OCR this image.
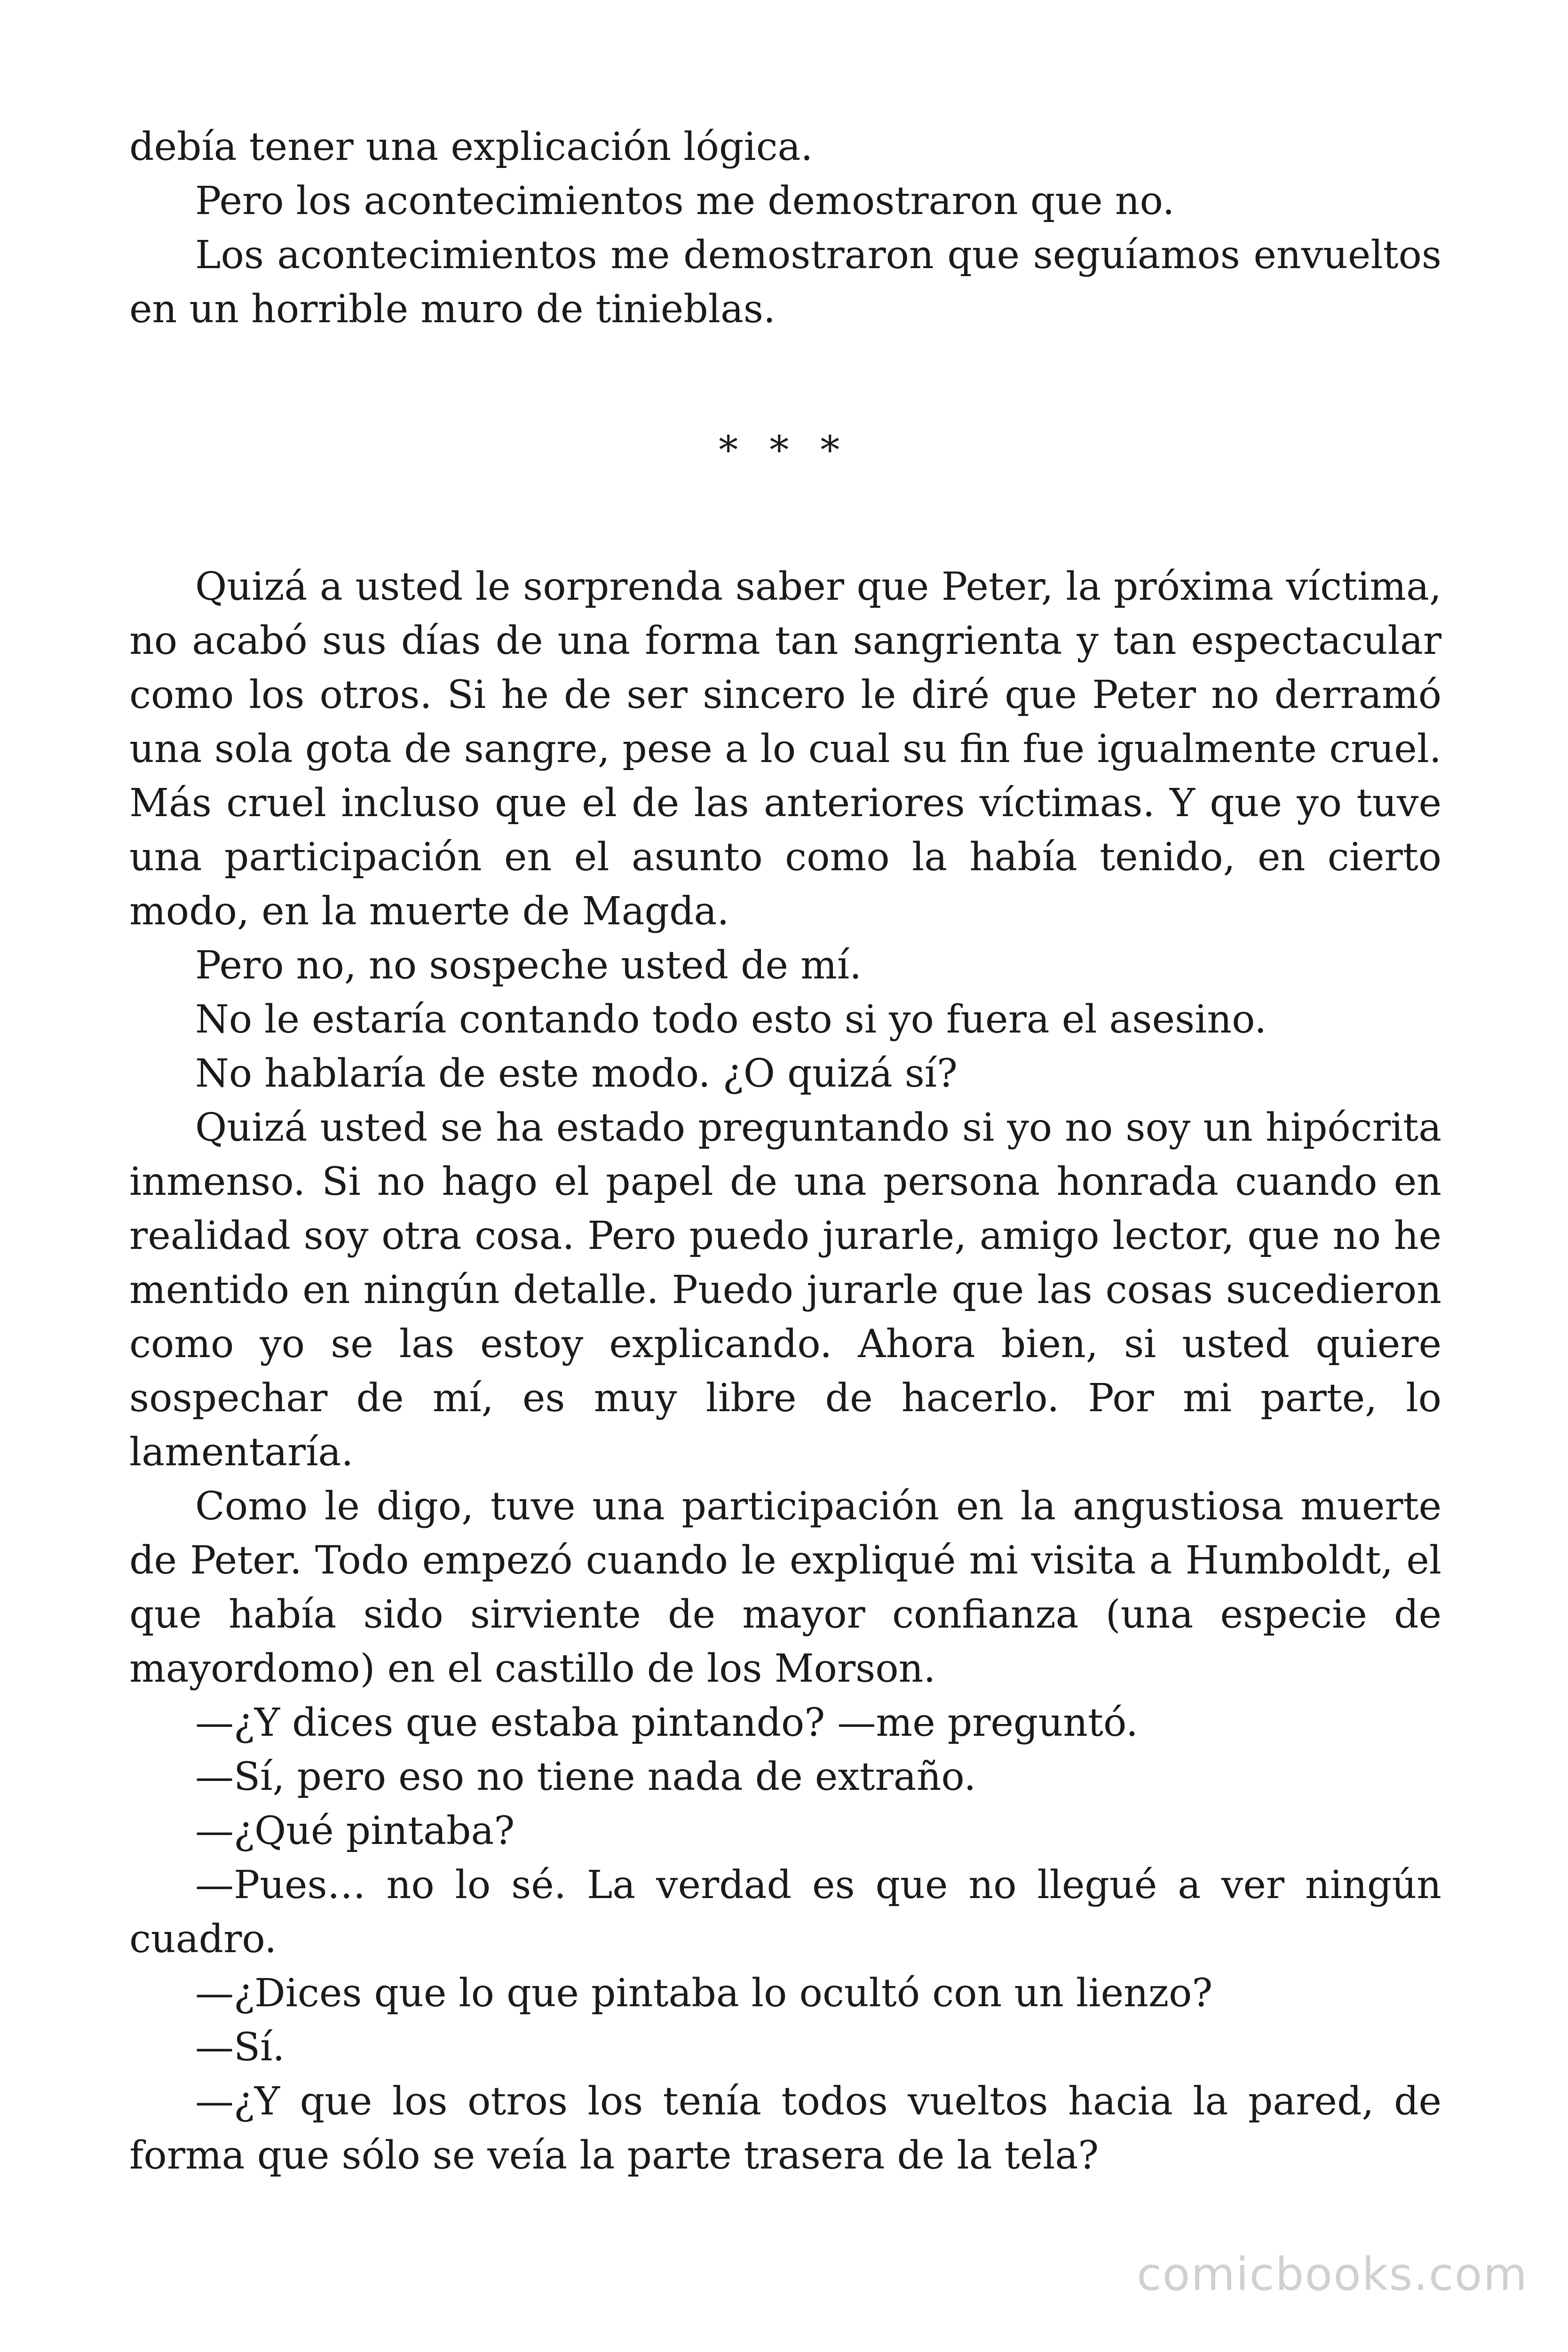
debía tener una explicación lógica.

Pero los acontecimientos me demostraron que no.

Los acontecimientos me demostraron que seguíamos envueltos en un horrible muro de tinieblas.

* * *

Quizá a usted le sorprenda saber que Peter, la próxima víctima, no acabó sus días de una forma tan sangrienta y tan espectacular como los otros. Si he de ser sincero le diré que Peter no derramó una sola gota de sangre, pese a lo cual su fin fue igualmente cruel. Más cruel incluso que el de las anteriores víctimas. Y que yo tuve una participación en el asunto como la había tenido, en cierto modo, en la muerte de Magda.

Pero no, no sospeche usted de mí.

No le estaría contando todo esto si yo fuera el asesino.

No hablaría de este modo. ¿O quizá sí?

Quizá usted se ha estado preguntando si yo no soy un hipócrita inmenso. Si no hago el papel de una persona honrada cuando en realidad soy otra cosa. Pero puedo jurarle, amigo lector, que no he mentido en ningún detalle. Puedo jurarle que las cosas sucedieron como yo se las estoy explicando. Ahora bien, si usted quiere sospechar de mí, es muy libre de hacerlo. Por mi parte, lo lamentaría.

Como le digo, tuve una participación en la angustiosa muerte de Peter. Todo empezó cuando le expliqué mi visita a Humboldt, el que había sido sirviente de mayor confianza (una especie de mayordomo) en el castillo de los Morson.

—¿Y dices que estaba pintando? —me preguntó.

—Sí, pero eso no tiene nada de extraño.

—¿Qué pintaba?

—Pues… no lo sé. La verdad es que no llegué a ver ningún cuadro.

—¿Dices que lo que pintaba lo ocultó con un lienzo?

—Sí.

—¿Y que los otros los tenía todos vueltos hacia la pared, de forma que sólo se veía la parte trasera de la tela?

comicbooks.com
